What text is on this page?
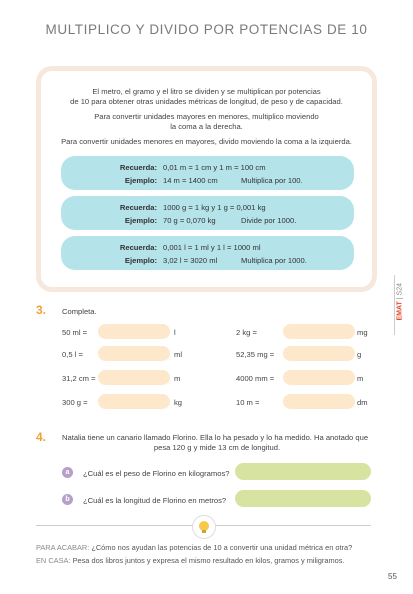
MULTIPLICO Y DIVIDO POR POTENCIAS DE 10
El metro, el gramo y el litro se dividen y se multiplican por potencias
de 10 para obtener otras unidades métricas de longitud, de peso y de capacidad.
Para convertir unidades mayores en menores, multiplico moviendo
la coma a la derecha.
Para convertir unidades menores en mayores, divido moviendo la coma a la izquierda.
Recuerda: 0,01 m = 1 cm y 1 m = 100 cm
Ejemplo: 14 m = 1400 cm	Multiplica por 100.
Recuerda: 1000 g = 1 kg y 1 g = 0,001 kg
Ejemplo: 70 g = 0,070 kg	Divide por 1000.
Recuerda: 0,001 l = 1 ml y 1 l = 1000 ml
Ejemplo: 3,02 l = 3020 ml	Multiplica por 1000.
EMAT | S24
3. Completa.
50 ml =	l	2 kg =	mg
0,5 l =	ml	52,35 mg =	g
31,2 cm =	m	4000 mm =	m
300 g =	kg	10 m =	dm
4. Natalia tiene un canario llamado Florino. Ella lo ha pesado y lo ha medido. Ha anotado que
pesa 120 g y mide 13 cm de longitud.
a	¿Cuál es el peso de Florino en kilogramos?
b	¿Cuál es la longitud de Florino en metros?
PARA ACABAR: ¿Cómo nos ayudan las potencias de 10 a convertir una unidad métrica en otra?
EN CASA: Pesa dos libros juntos y expresa el mismo resultado en kilos, gramos y miligramos.
55
